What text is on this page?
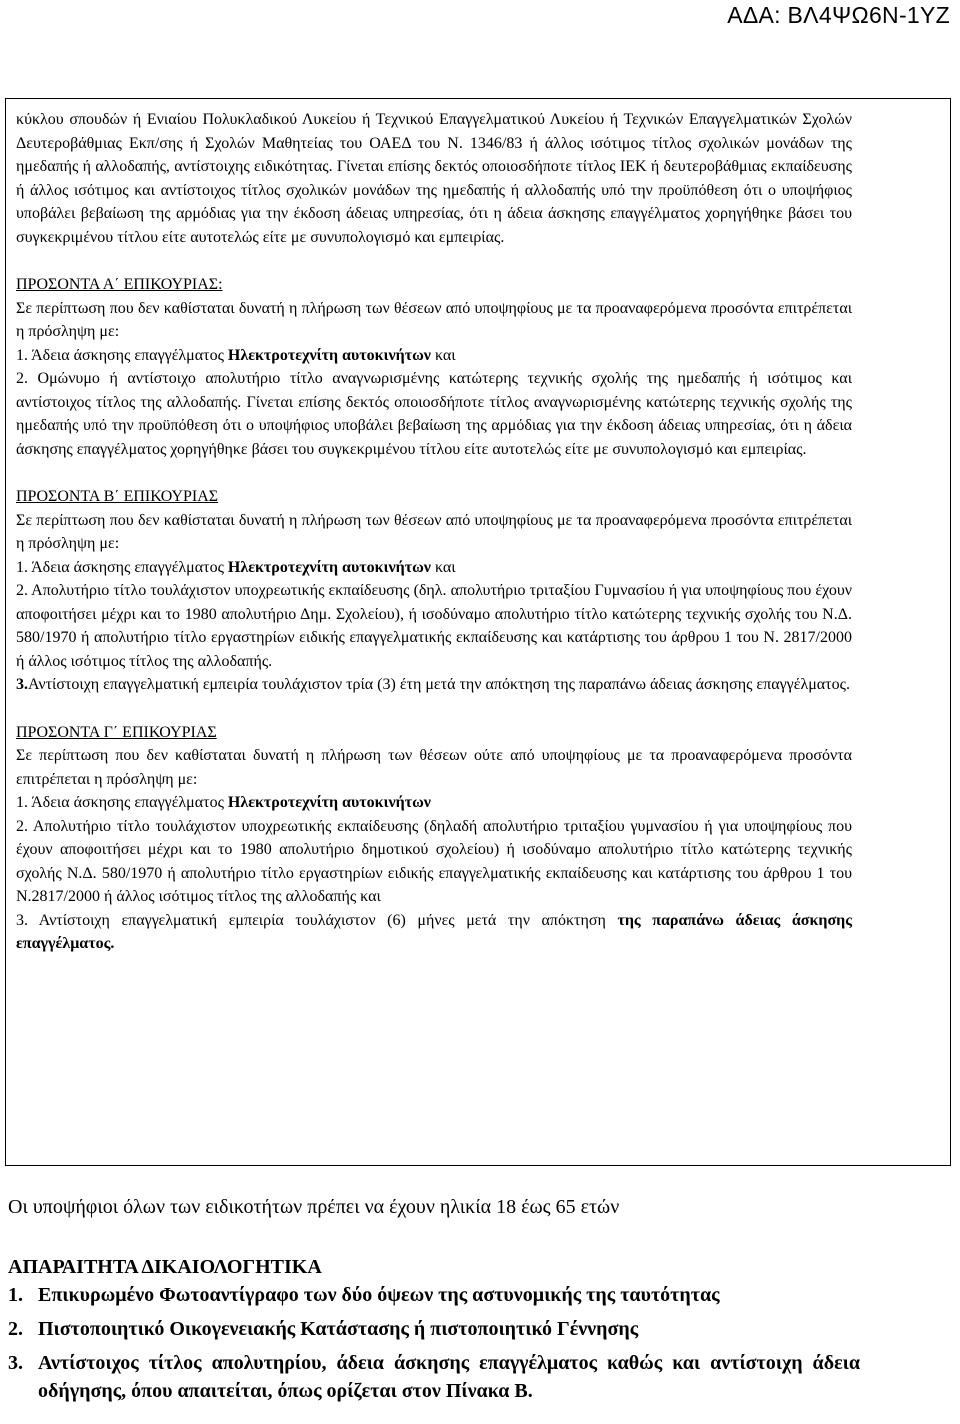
ΑΔΑ: ΒΛ4ΨΩ6Ν-1ΥΖ

κύκλου σπουδών ή Ενιαίου Πολυκλαδικού Λυκείου ή Τεχνικού Επαγγελματικού Λυκείου ή Τεχνικών Επαγγελματικών Σχολών Δευτεροβάθμιας Εκπ/σης ή Σχολών Μαθητείας του ΟΑΕΔ του Ν. 1346/83 ή άλλος ισότιμος τίτλος σχολικών μονάδων της ημεδαπής ή αλλοδαπής, αντίστοιχης ειδικότητας. Γίνεται επίσης δεκτός οποιοσδήποτε τίτλος ΙΕΚ ή δευτεροβάθμιας εκπαίδευσης ή άλλος ισότιμος και αντίστοιχος τίτλος σχολικών μονάδων της ημεδαπής ή αλλοδαπής υπό την προϋπόθεση ότι ο υποψήφιος υποβάλει βεβαίωση της αρμόδιας για την έκδοση άδειας υπηρεσίας, ότι η άδεια άσκησης επαγγέλματος χορηγήθηκε βάσει του συγκεκριμένου τίτλου είτε αυτοτελώς είτε με συνυπολογισμό και εμπειρίας.

ΠΡΟΣΟΝΤΑ Α΄ ΕΠΙΚΟΥΡΙΑΣ:

Σε περίπτωση που δεν καθίσταται δυνατή η πλήρωση των θέσεων από υποψηφίους με τα προαναφερόμενα προσόντα επιτρέπεται η πρόσληψη με:

1. Άδεια άσκησης επαγγέλματος Ηλεκτροτεχνίτη αυτοκινήτων και

2. Ομώνυμο ή αντίστοιχο απολυτήριο τίτλο αναγνωρισμένης κατώτερης τεχνικής σχολής της ημεδαπής ή ισότιμος και αντίστοιχος τίτλος της αλλοδαπής. Γίνεται επίσης δεκτός οποιοσδήποτε τίτλος αναγνωρισμένης κατώτερης τεχνικής σχολής της ημεδαπής υπό την προϋπόθεση ότι ο υποψήφιος υποβάλει βεβαίωση της αρμόδιας για την έκδοση άδειας υπηρεσίας, ότι η άδεια άσκησης επαγγέλματος χορηγήθηκε βάσει του συγκεκριμένου τίτλου είτε αυτοτελώς είτε με συνυπολογισμό και εμπειρίας.

ΠΡΟΣΟΝΤΑ Β΄ ΕΠΙΚΟΥΡΙΑΣ

Σε περίπτωση που δεν καθίσταται δυνατή η πλήρωση των θέσεων από υποψηφίους με τα προαναφερόμενα προσόντα επιτρέπεται η πρόσληψη με:

1. Άδεια άσκησης επαγγέλματος Ηλεκτροτεχνίτη αυτοκινήτων και

2. Απολυτήριο τίτλο τουλάχιστον υποχρεωτικής εκπαίδευσης (δηλ. απολυτήριο τριταξίου Γυμνασίου ή για υποψηφίους που έχουν αποφοιτήσει μέχρι και το 1980 απολυτήριο Δημ. Σχολείου), ή ισοδύναμο απολυτήριο τίτλο κατώτερης τεχνικής σχολής του Ν.Δ. 580/1970 ή απολυτήριο τίτλο εργαστηρίων ειδικής επαγγελματικής εκπαίδευσης και κατάρτισης του άρθρου 1 του Ν. 2817/2000 ή άλλος ισότιμος τίτλος της αλλοδαπής.

3.Αντίστοιχη επαγγελματική εμπειρία τουλάχιστον τρία (3) έτη μετά την απόκτηση της παραπάνω άδειας άσκησης επαγγέλματος.

ΠΡΟΣΟΝΤΑ Γ΄ ΕΠΙΚΟΥΡΙΑΣ

Σε περίπτωση που δεν καθίσταται δυνατή η πλήρωση των θέσεων ούτε από υποψηφίους με τα προαναφερόμενα προσόντα επιτρέπεται η πρόσληψη με:

1. Άδεια άσκησης επαγγέλματος Ηλεκτροτεχνίτη αυτοκινήτων

2. Απολυτήριο τίτλο τουλάχιστον υποχρεωτικής εκπαίδευσης (δηλαδή απολυτήριο τριταξίου γυμνασίου ή για υποψηφίους που έχουν αποφοιτήσει μέχρι και το 1980 απολυτήριο δημοτικού σχολείου) ή ισοδύναμο απολυτήριο τίτλο κατώτερης τεχνικής σχολής Ν.Δ. 580/1970 ή απολυτήριο τίτλο εργαστηρίων ειδικής επαγγελματικής εκπαίδευσης και κατάρτισης του άρθρου 1 του Ν.2817/2000 ή άλλος ισότιμος τίτλος της αλλοδαπής και

3. Αντίστοιχη επαγγελματική εμπειρία τουλάχιστον (6) μήνες μετά την απόκτηση της παραπάνω άδειας άσκησης επαγγέλματος.

Οι υποψήφιοι όλων των ειδικοτήτων πρέπει να έχουν ηλικία 18 έως 65 ετών
ΑΠΑΡΑΙΤΗΤΑ ΔΙΚΑΙΟΛΟΓΗΤΙΚΑ
1. Επικυρωμένο Φωτοαντίγραφο των δύο όψεων της αστυνομικής της ταυτότητας
2. Πιστοποιητικό Οικογενειακής Κατάστασης ή πιστοποιητικό Γέννησης
3. Αντίστοιχος τίτλος απολυτηρίου, άδεια άσκησης επαγγέλματος καθώς και αντίστοιχη άδεια οδήγησης, όπου απαιτείται, όπως ορίζεται στον Πίνακα Β.
